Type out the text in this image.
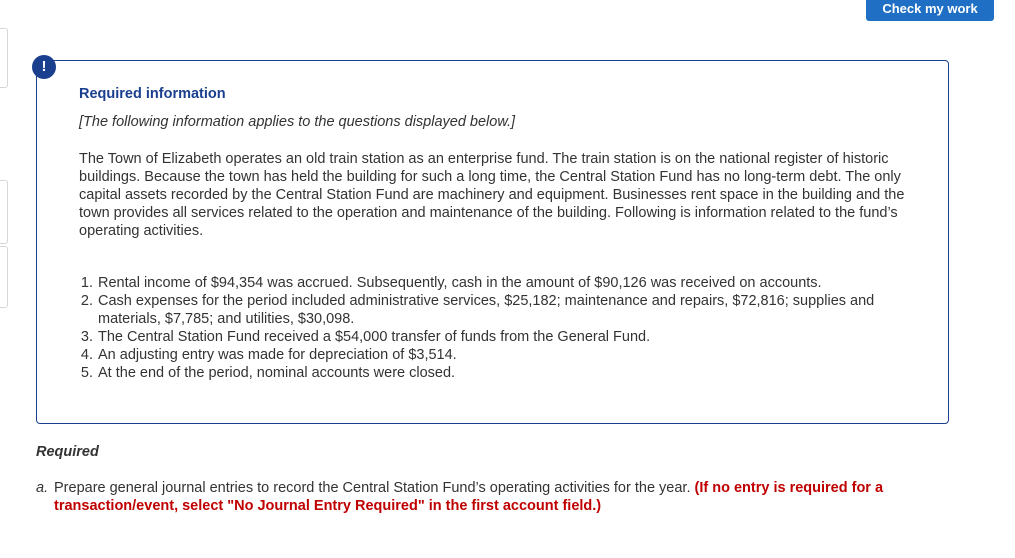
Check my work
!

Required information

[The following information applies to the questions displayed below.]

The Town of Elizabeth operates an old train station as an enterprise fund. The train station is on the national register of historic buildings. Because the town has held the building for such a long time, the Central Station Fund has no long-term debt. The only capital assets recorded by the Central Station Fund are machinery and equipment. Businesses rent space in the building and the town provides all services related to the operation and maintenance of the building. Following is information related to the fund’s operating activities.

1. Rental income of $94,354 was accrued. Subsequently, cash in the amount of $90,126 was received on accounts.
2. Cash expenses for the period included administrative services, $25,182; maintenance and repairs, $72,816; supplies and materials, $7,785; and utilities, $30,098.
3. The Central Station Fund received a $54,000 transfer of funds from the General Fund.
4. An adjusting entry was made for depreciation of $3,514.
5. At the end of the period, nominal accounts were closed.

Required

a. Prepare general journal entries to record the Central Station Fund’s operating activities for the year. (If no entry is required for a transaction/event, select "No Journal Entry Required" in the first account field.)
